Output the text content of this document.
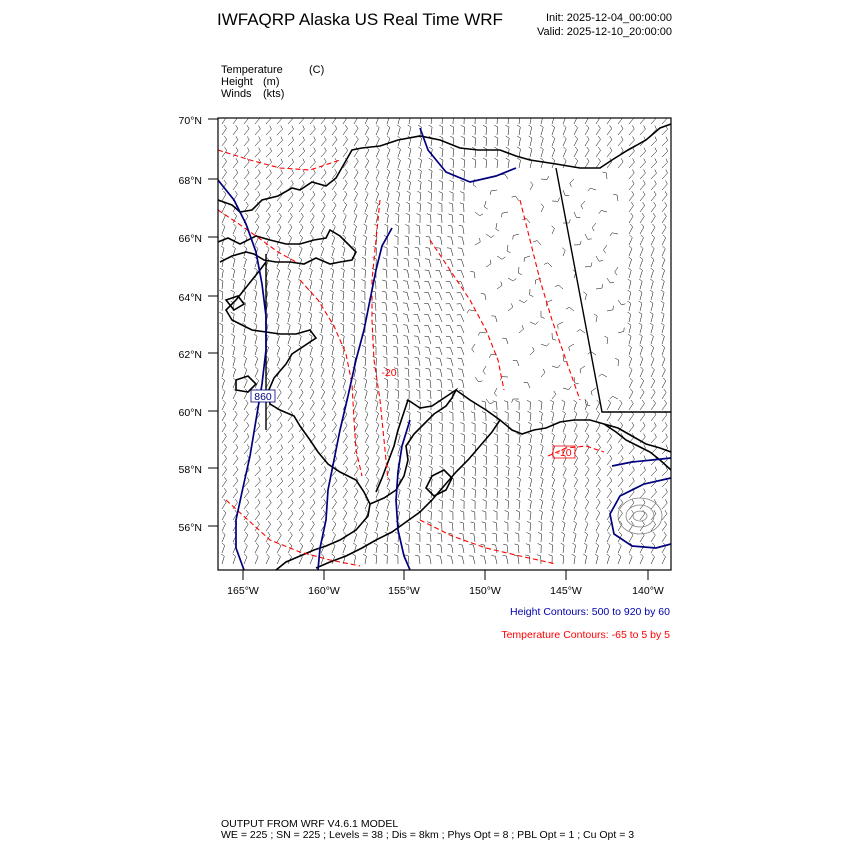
IWFAQRP Alaska US Real Time WRF	Init: 2025-12-04_00:00:00
Valid: 2025-12-10_20:00:00
Temperature (C)
Height (m)
Winds (kts)
860
-20
-10
70°N
68°N
66°N
64°N
62°N
60°N
58°N
56°N
165°W	160°W	155°W	150°W	145°W	140°W
Height Contours: 500 to 920 by 60
Temperature Contours: -65 to 5 by 5
OUTPUT FROM WRF V4.6.1 MODEL
WE = 225 ; SN = 225 ; Levels = 38 ; Dis = 8km ; Phys Opt = 8 ; PBL Opt = 1 ; Cu Opt = 3
